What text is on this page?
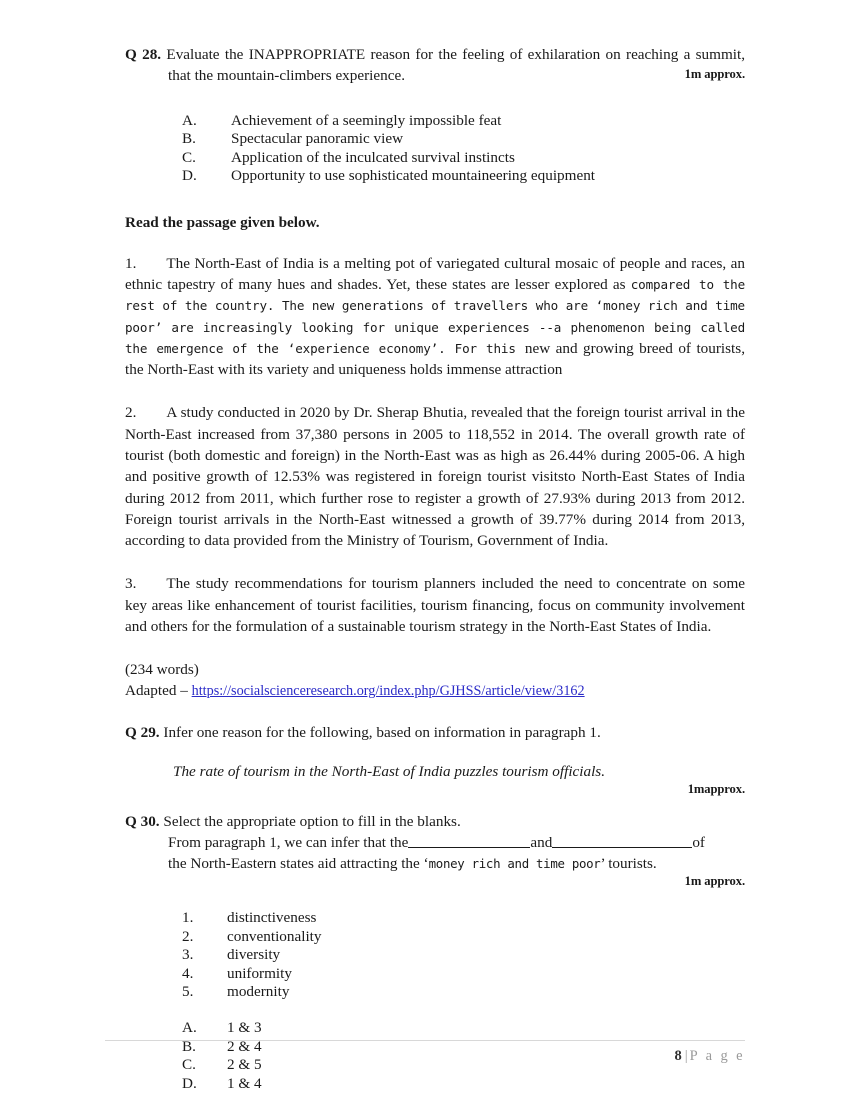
Q 28. Evaluate the INAPPROPRIATE reason for the feeling of exhilaration on reaching a summit, that the mountain-climbers experience.	1m approx.
A.	Achievement of a seemingly impossible feat
B.	Spectacular panoramic view
C.	Application of the inculcated survival instincts
D.	Opportunity to use sophisticated mountaineering equipment
Read the passage given below.

1. The North-East of India is a melting pot of variegated cultural mosaic of people and races, an ethnic tapestry of many hues and shades. Yet, these states are lesser explored as compared to the rest of the country. The new generations of travellers who are ‘money rich and time poor’ are increasingly looking for unique experiences --a phenomenon being called the emergence of the ‘experience economy’. For this new and growing breed of tourists, the North-East with its variety and uniqueness holds immense attraction

2. A study conducted in 2020 by Dr. Sherap Bhutia, revealed that the foreign tourist arrival in the North-East increased from 37,380 persons in 2005 to 118,552 in 2014. The overall growth rate of tourist (both domestic and foreign) in the North-East was as high as 26.44% during 2005-06. A high and positive growth of 12.53% was registered in foreign tourist visitsto North-East States of India during 2012 from 2011, which further rose to register a growth of 27.93% during 2013 from 2012. Foreign tourist arrivals in the North-East witnessed a growth of 39.77% during 2014 from 2013, according to data provided from the Ministry of Tourism, Government of India.

3. The study recommendations for tourism planners included the need to concentrate on some key areas like enhancement of tourist facilities, tourism financing, focus on community involvement and others for the formulation of a sustainable tourism strategy in the North-East States of India.

(234 words)
Adapted – https://socialscienceresearch.org/index.php/GJHSS/article/view/3162
Q 29. Infer one reason for the following, based on information in paragraph 1.
The rate of tourism in the North-East of India puzzles tourism officials.
1mapprox.
Q 30. Select the appropriate option to fill in the blanks.
From paragraph 1, we can infer that the	and	of
the North-Eastern states aid attracting the ‘money rich and time poor’ tourists.
1m approx.
1.	distinctiveness
2.	conventionality
3.	diversity
4.	uniformity
5.	modernity
A.	1 & 3
B.	2 & 4
C.	2 & 5
D.	1 & 4
8 | P a g e
